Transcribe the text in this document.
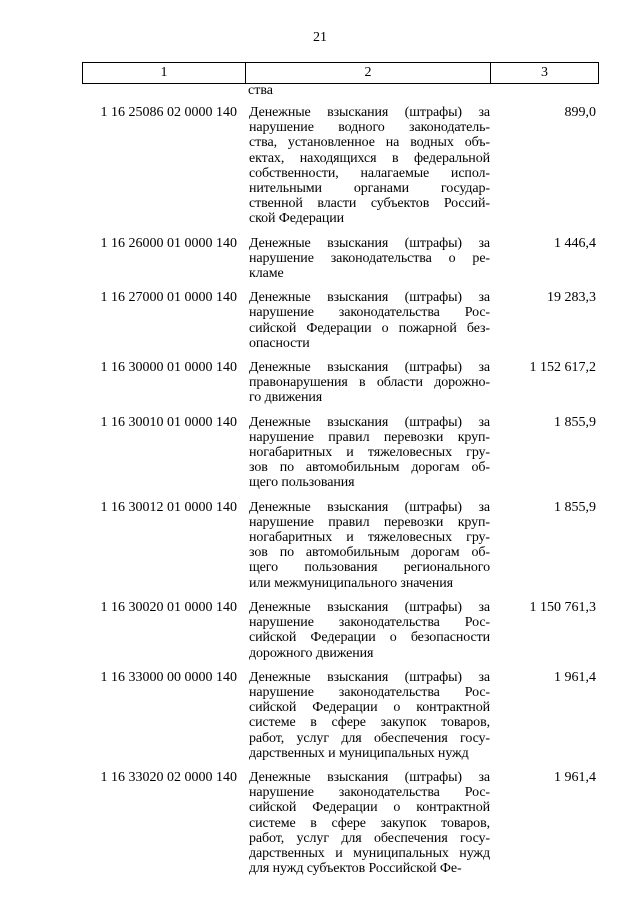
21
1	2	3
ства
1 16 25086 02 0000 140 Денежные взыскания (штрафы) за
нарушение водного законодатель-
ства, установленное на водных объ-
ектах, находящихся в федеральной
собственности, налагаемые испол-
нительными органами государ-
ственной власти субъектов Россий-
ской Федерации
899,0
1 16 26000 01 0000 140 Денежные взыскания (штрафы) за
нарушение законодательства о ре-
кламе
1 446,4
1 16 27000 01 0000 140 Денежные взыскания (штрафы) за
нарушение законодательства Рос-
сийской Федерации о пожарной без-
опасности
19 283,3
1 16 30000 01 0000 140 Денежные взыскания (штрафы) за
правонарушения в области дорожно-
го движения
1 152 617,2
1 16 30010 01 0000 140 Денежные взыскания (штрафы) за
нарушение правил перевозки круп-
ногабаритных и тяжеловесных гру-
зов по автомобильным дорогам об-
щего пользования
1 855,9
1 16 30012 01 0000 140 Денежные взыскания (штрафы) за
нарушение правил перевозки круп-
ногабаритных и тяжеловесных гру-
зов по автомобильным дорогам об-
щего пользования регионального
или межмуниципального значения
1 855,9
1 16 30020 01 0000 140 Денежные взыскания (штрафы) за
нарушение законодательства Рос-
сийской Федерации о безопасности
дорожного движения
1 150 761,3
1 16 33000 00 0000 140 Денежные взыскания (штрафы) за
нарушение законодательства Рос-
сийской Федерации о контрактной
системе в сфере закупок товаров,
работ, услуг для обеспечения госу-
дарственных и муниципальных нужд
1 961,4
1 16 33020 02 0000 140 Денежные взыскания (штрафы) за
нарушение законодательства Рос-
сийской Федерации о контрактной
системе в сфере закупок товаров,
работ, услуг для обеспечения госу-
дарственных и муниципальных нужд
для нужд субъектов Российской Фе-
1 961,4
